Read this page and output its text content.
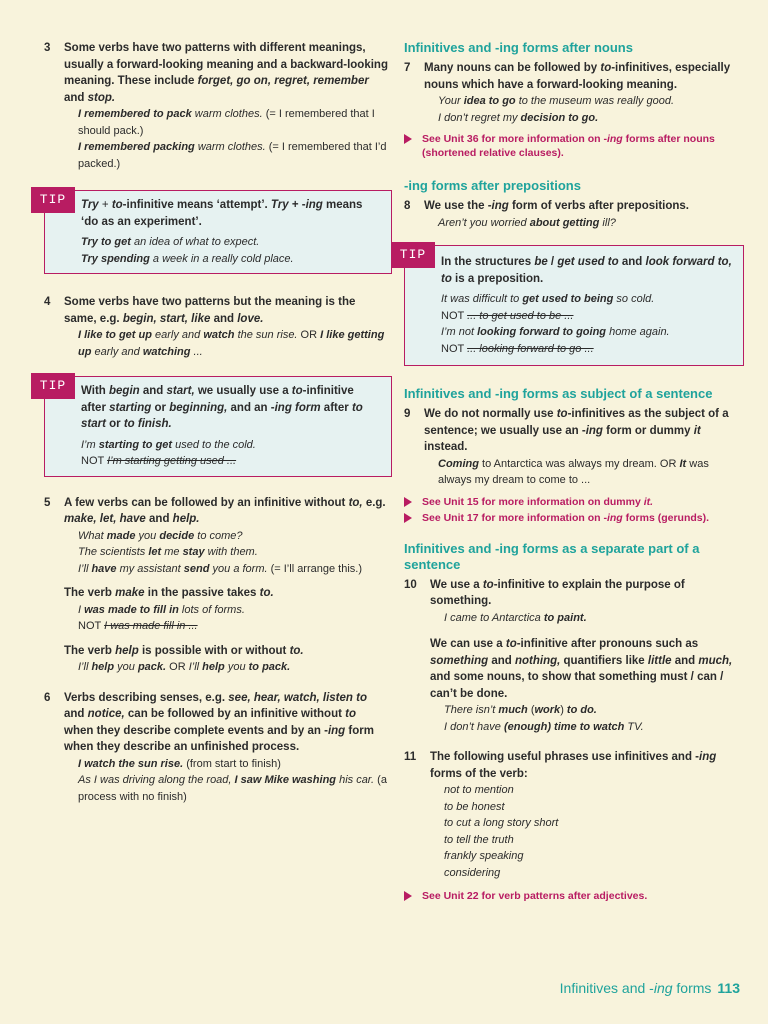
3 Some verbs have two patterns with different meanings, usually a forward-looking meaning and a backward-looking meaning. These include forget, go on, regret, remember and stop.

I remembered to pack warm clothes. (= I remembered that I should pack.)

I remembered packing warm clothes. (= I remembered that I’d packed.)

TIP	Try + to-infinitive means ‘attempt’. Try + -ing means ‘do as an experiment’.

Try to get an idea of what to expect.

Try spending a week in a really cold place.

4 Some verbs have two patterns but the meaning is the same, e.g. begin, start, like and love.

I like to get up early and watch the sun rise. OR I like getting up early and watching ...

TIP	With begin and start, we usually use a to-infinitive after starting or beginning, and an -ing form after to start or to finish.

I’m starting to get used to the cold.

NOT I’m starting getting used ...

5 A few verbs can be followed by an infinitive without to, e.g. make, let, have and help.

What made you decide to come?

The scientists let me stay with them.

I’ll have my assistant send you a form. (= I’ll arrange this.)

The verb make in the passive takes to.

I was made to fill in lots of forms.

NOT I was made fill in ...

The verb help is possible with or without to.

I’ll help you pack. OR I’ll help you to pack.

6 Verbs describing senses, e.g. see, hear, watch, listen to and notice, can be followed by an infinitive without to when they describe complete events and by an -ing form when they describe an unfinished process.

I watch the sun rise. (from start to finish)

As I was driving along the road, I saw Mike washing his car. (a process with no finish)

Infinitives and -ing forms after nouns
7 Many nouns can be followed by to-infinitives, especially nouns which have a forward-looking meaning.

Your idea to go to the museum was really good.

I don’t regret my decision to go.

See Unit 36 for more information on -ing forms after nouns (shortened relative clauses).
-ing forms after prepositions
8 We use the -ing form of verbs after prepositions.

Aren’t you worried about getting ill?

TIP

In the structures be / get used to and look forward to, to is a preposition.

It was difficult to get used to being so cold.

NOT ... to get used to be ...

I’m not looking forward to going home again.

NOT ... looking forward to go ...

Infinitives and -ing forms as subject of a sentence
9 We do not normally use to-infinitives as the subject of a sentence; we usually use an -ing form or dummy it instead.

Coming to Antarctica was always my dream. OR It was always my dream to come to ...

See Unit 15 for more information on dummy it.
See Unit 17 for more information on -ing forms (gerunds).
Infinitives and -ing forms as a separate part of a sentence
10 We use a to-infinitive to explain the purpose of something.

I came to Antarctica to paint.

We can use a to-infinitive after pronouns such as something and nothing, quantifiers like little and much, and some nouns, to show that something must / can / can’t be done.

There isn’t much (work) to do.

I don’t have (enough) time to watch TV.

11 The following useful phrases use infinitives and -ing forms of the verb:

not to mention

to be honest

to cut a long story short

to tell the truth

frankly speaking

considering

See Unit 22 for verb patterns after adjectives.
Infinitives and -ing forms 113
